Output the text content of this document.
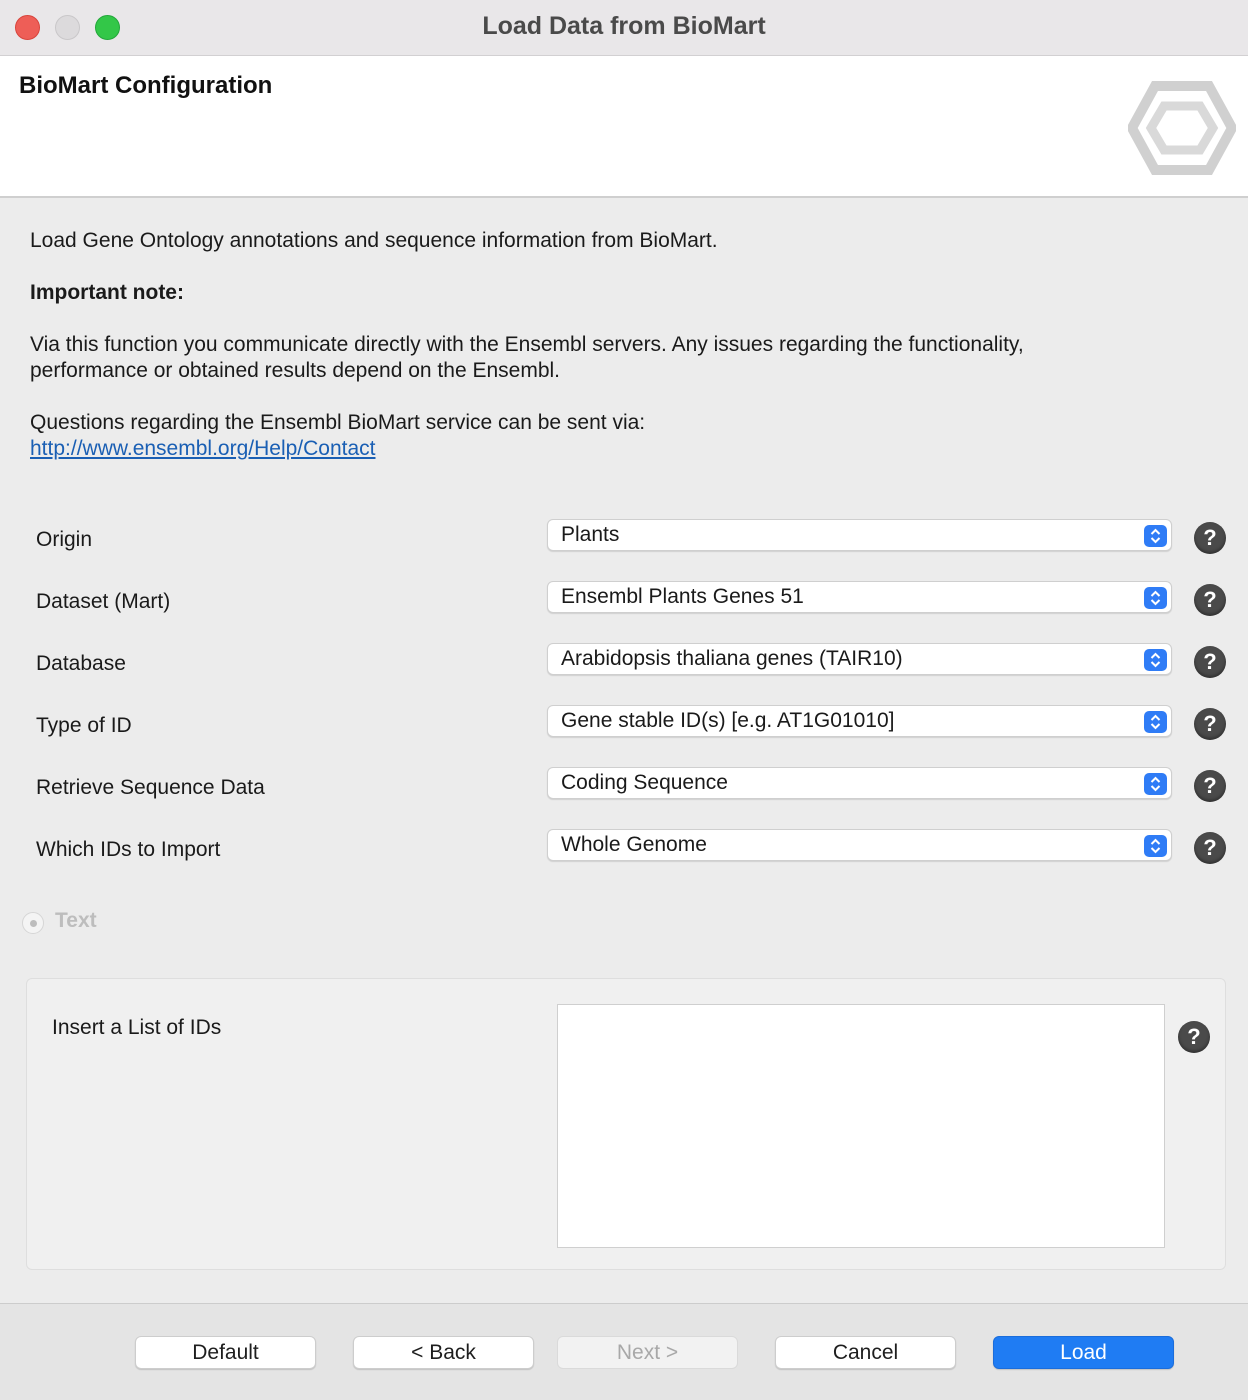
Load Data from BioMart
BioMart Configuration
Load Gene Ontology annotations and sequence information from BioMart.
Important note:
Via this function you communicate directly with the Ensembl servers. Any issues regarding the functionality,
performance or obtained results depend on the Ensembl.
Questions regarding the Ensembl BioMart service can be sent via:
http://www.ensembl.org/Help/Contact
Origin	Plants	?
Dataset (Mart)	Ensembl Plants Genes 51	?
Database	Arabidopsis thaliana genes (TAIR10)	?
Type of ID	Gene stable ID(s) [e.g. AT1G01010]	?
Retrieve Sequence Data	Coding Sequence	?
Which IDs to Import	Whole Genome	?
Text
Insert a List of IDs	?
Default	< Back	Next >	Cancel	Load
